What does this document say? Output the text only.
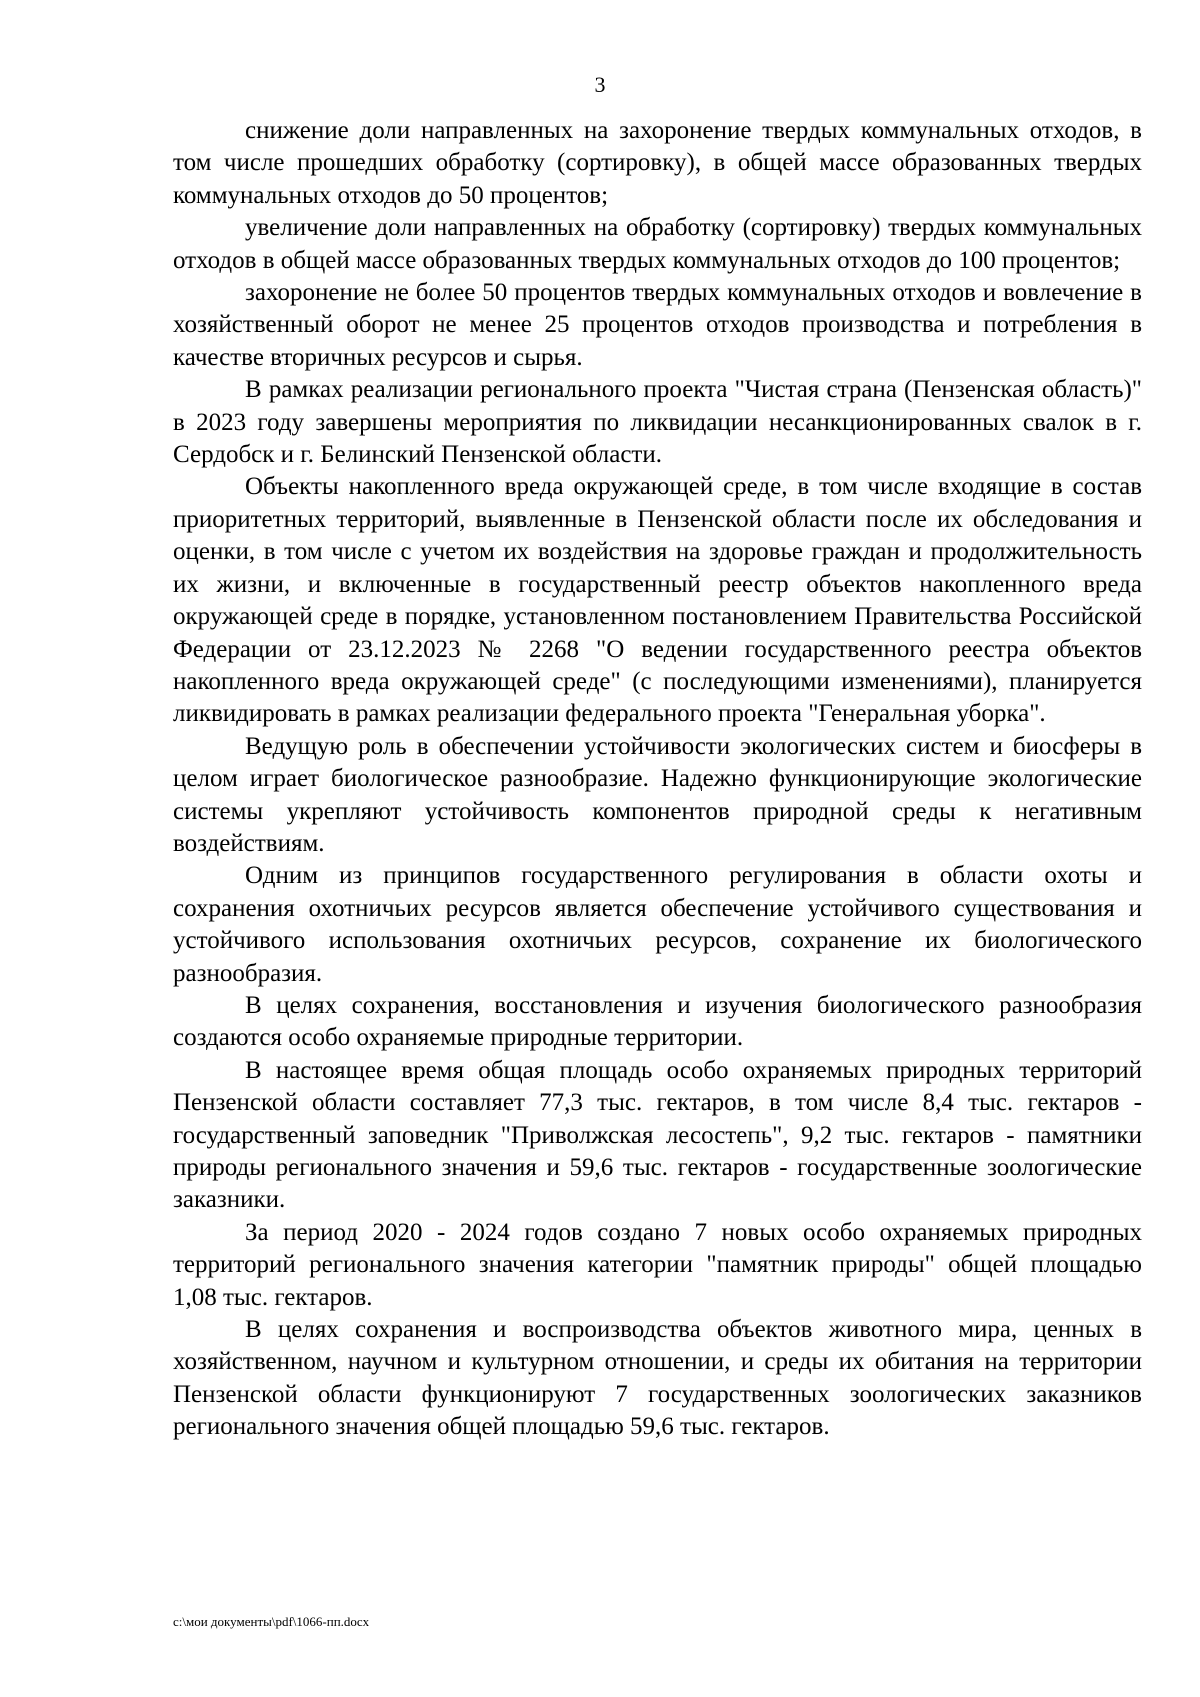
3

снижение доли направленных на захоронение твердых коммунальных отходов, в том числе прошедших обработку (сортировку), в общей массе образованных твердых коммунальных отходов до 50 процентов;

увеличение доли направленных на обработку (сортировку) твердых коммунальных отходов в общей массе образованных твердых коммунальных отходов до 100 процентов;

захоронение не более 50 процентов твердых коммунальных отходов и вовлечение в хозяйственный оборот не менее 25 процентов отходов производства и потребления в качестве вторичных ресурсов и сырья.

В рамках реализации регионального проекта "Чистая страна (Пензенская область)" в 2023 году завершены мероприятия по ликвидации несанкционированных свалок в г. Сердобск и г. Белинский Пензенской области.

Объекты накопленного вреда окружающей среде, в том числе входящие в состав приоритетных территорий, выявленные в Пензенской области после их обследования и оценки, в том числе с учетом их воздействия на здоровье граждан и продолжительность их жизни, и включенные в государственный реестр объектов накопленного вреда окружающей среде в порядке, установленном постановлением Правительства Российской Федерации от 23.12.2023 № 2268 "О ведении государственного реестра объектов накопленного вреда окружающей среде" (с последующими изменениями), планируется ликвидировать в рамках реализации федерального проекта "Генеральная уборка".

Ведущую роль в обеспечении устойчивости экологических систем и биосферы в целом играет биологическое разнообразие. Надежно функционирующие экологические системы укрепляют устойчивость компонентов природной среды к негативным воздействиям.

Одним из принципов государственного регулирования в области охоты и сохранения охотничьих ресурсов является обеспечение устойчивого существования и устойчивого использования охотничьих ресурсов, сохранение их биологического разнообразия.

В целях сохранения, восстановления и изучения биологического разнообразия создаются особо охраняемые природные территории.

В настоящее время общая площадь особо охраняемых природных территорий Пензенской области составляет 77,3 тыс. гектаров, в том числе 8,4 тыс. гектаров - государственный заповедник "Приволжская лесостепь", 9,2 тыс. гектаров - памятники природы регионального значения и 59,6 тыс. гектаров - государственные зоологические заказники.

За период 2020 - 2024 годов создано 7 новых особо охраняемых природных территорий регионального значения категории "памятник природы" общей площадью 1,08 тыс. гектаров.

В целях сохранения и воспроизводства объектов животного мира, ценных в хозяйственном, научном и культурном отношении, и среды их обитания на территории Пензенской области функционируют 7 государственных зоологических заказников регионального значения общей площадью 59,6 тыс. гектаров.

c:\мои документы\pdf\1066-пп.docx
